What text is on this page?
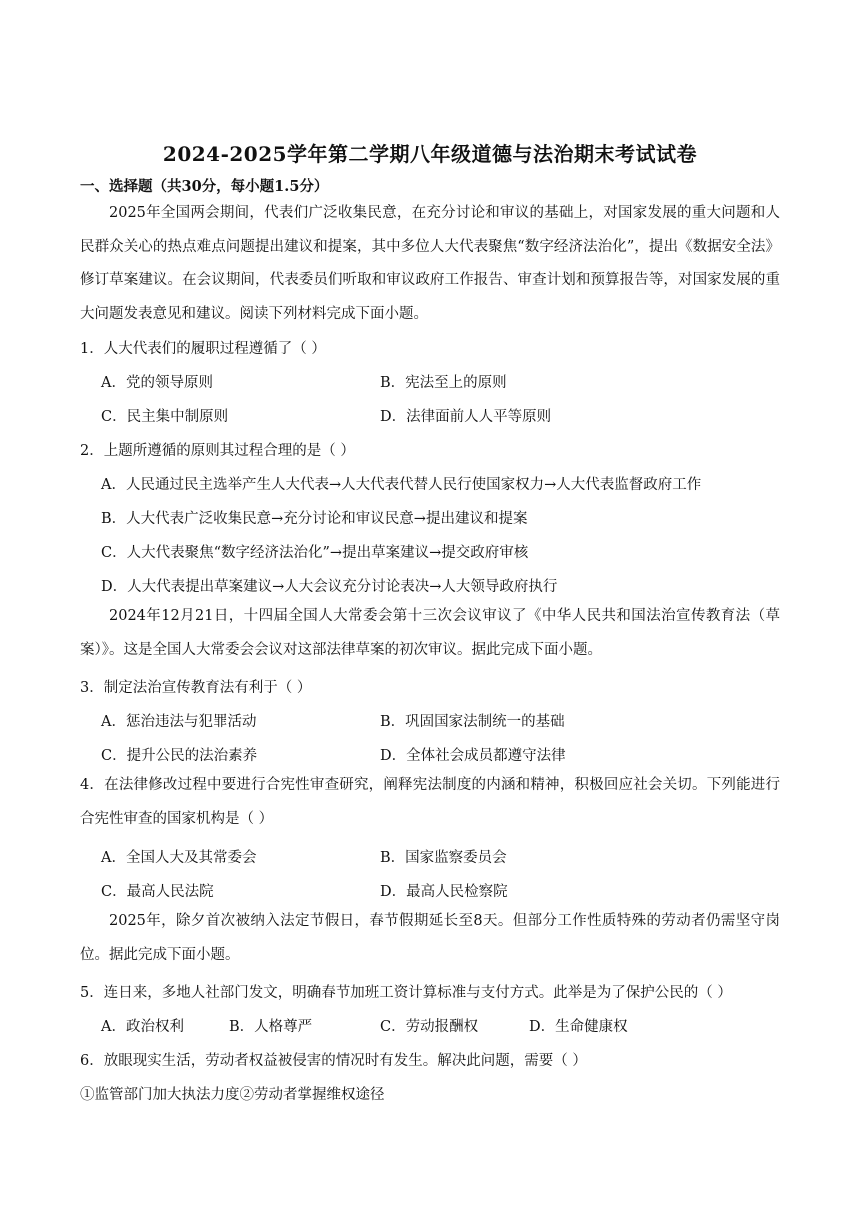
2024-2025学年第二学期八年级道德与法治期末考试试卷
一、选择题（共30分，每小题1.5分）
2025年全国两会期间，代表们广泛收集民意，在充分讨论和审议的基础上，对国家发展的重大问题和人民群众关心的热点难点问题提出建议和提案，其中多位人大代表聚焦“数字经济法治化”，提出《数据安全法》修订草案建议。在会议期间，代表委员们听取和审议政府工作报告、审查计划和预算报告等，对国家发展的重大问题发表意见和建议。阅读下列材料完成下面小题。
1．人大代表们的履职过程遵循了（ ）
A．党的领导原则	B．宪法至上的原则
C．民主集中制原则	D．法律面前人人平等原则
2．上题所遵循的原则其过程合理的是（ ）
A．人民通过民主选举产生人大代表→人大代表代替人民行使国家权力→人大代表监督政府工作
B．人大代表广泛收集民意→充分讨论和审议民意→提出建议和提案
C．人大代表聚焦“数字经济法治化”→提出草案建议→提交政府审核
D．人大代表提出草案建议→人大会议充分讨论表决→人大领导政府执行
2024年12月21日，十四届全国人大常委会第十三次会议审议了《中华人民共和国法治宣传教育法（草案）》。这是全国人大常委会会议对这部法律草案的初次审议。据此完成下面小题。
3．制定法治宣传教育法有利于（ ）
A．惩治违法与犯罪活动	B．巩固国家法制统一的基础
C．提升公民的法治素养	D．全体社会成员都遵守法律
4．在法律修改过程中要进行合宪性审查研究，阐释宪法制度的内涵和精神，积极回应社会关切。下列能进行合宪性审查的国家机构是（ ）
A．全国人大及其常委会	B．国家监察委员会
C．最高人民法院	D．最高人民检察院
2025年，除夕首次被纳入法定节假日，春节假期延长至8天。但部分工作性质特殊的劳动者仍需坚守岗位。据此完成下面小题。
5．连日来，多地人社部门发文，明确春节加班工资计算标准与支付方式。此举是为了保护公民的（ ）
A．政治权利	B．人格尊严	C．劳动报酬权	D．生命健康权
6．放眼现实生活，劳动者权益被侵害的情况时有发生。解决此问题，需要（ ）
①监管部门加大执法力度②劳动者掌握维权途径
